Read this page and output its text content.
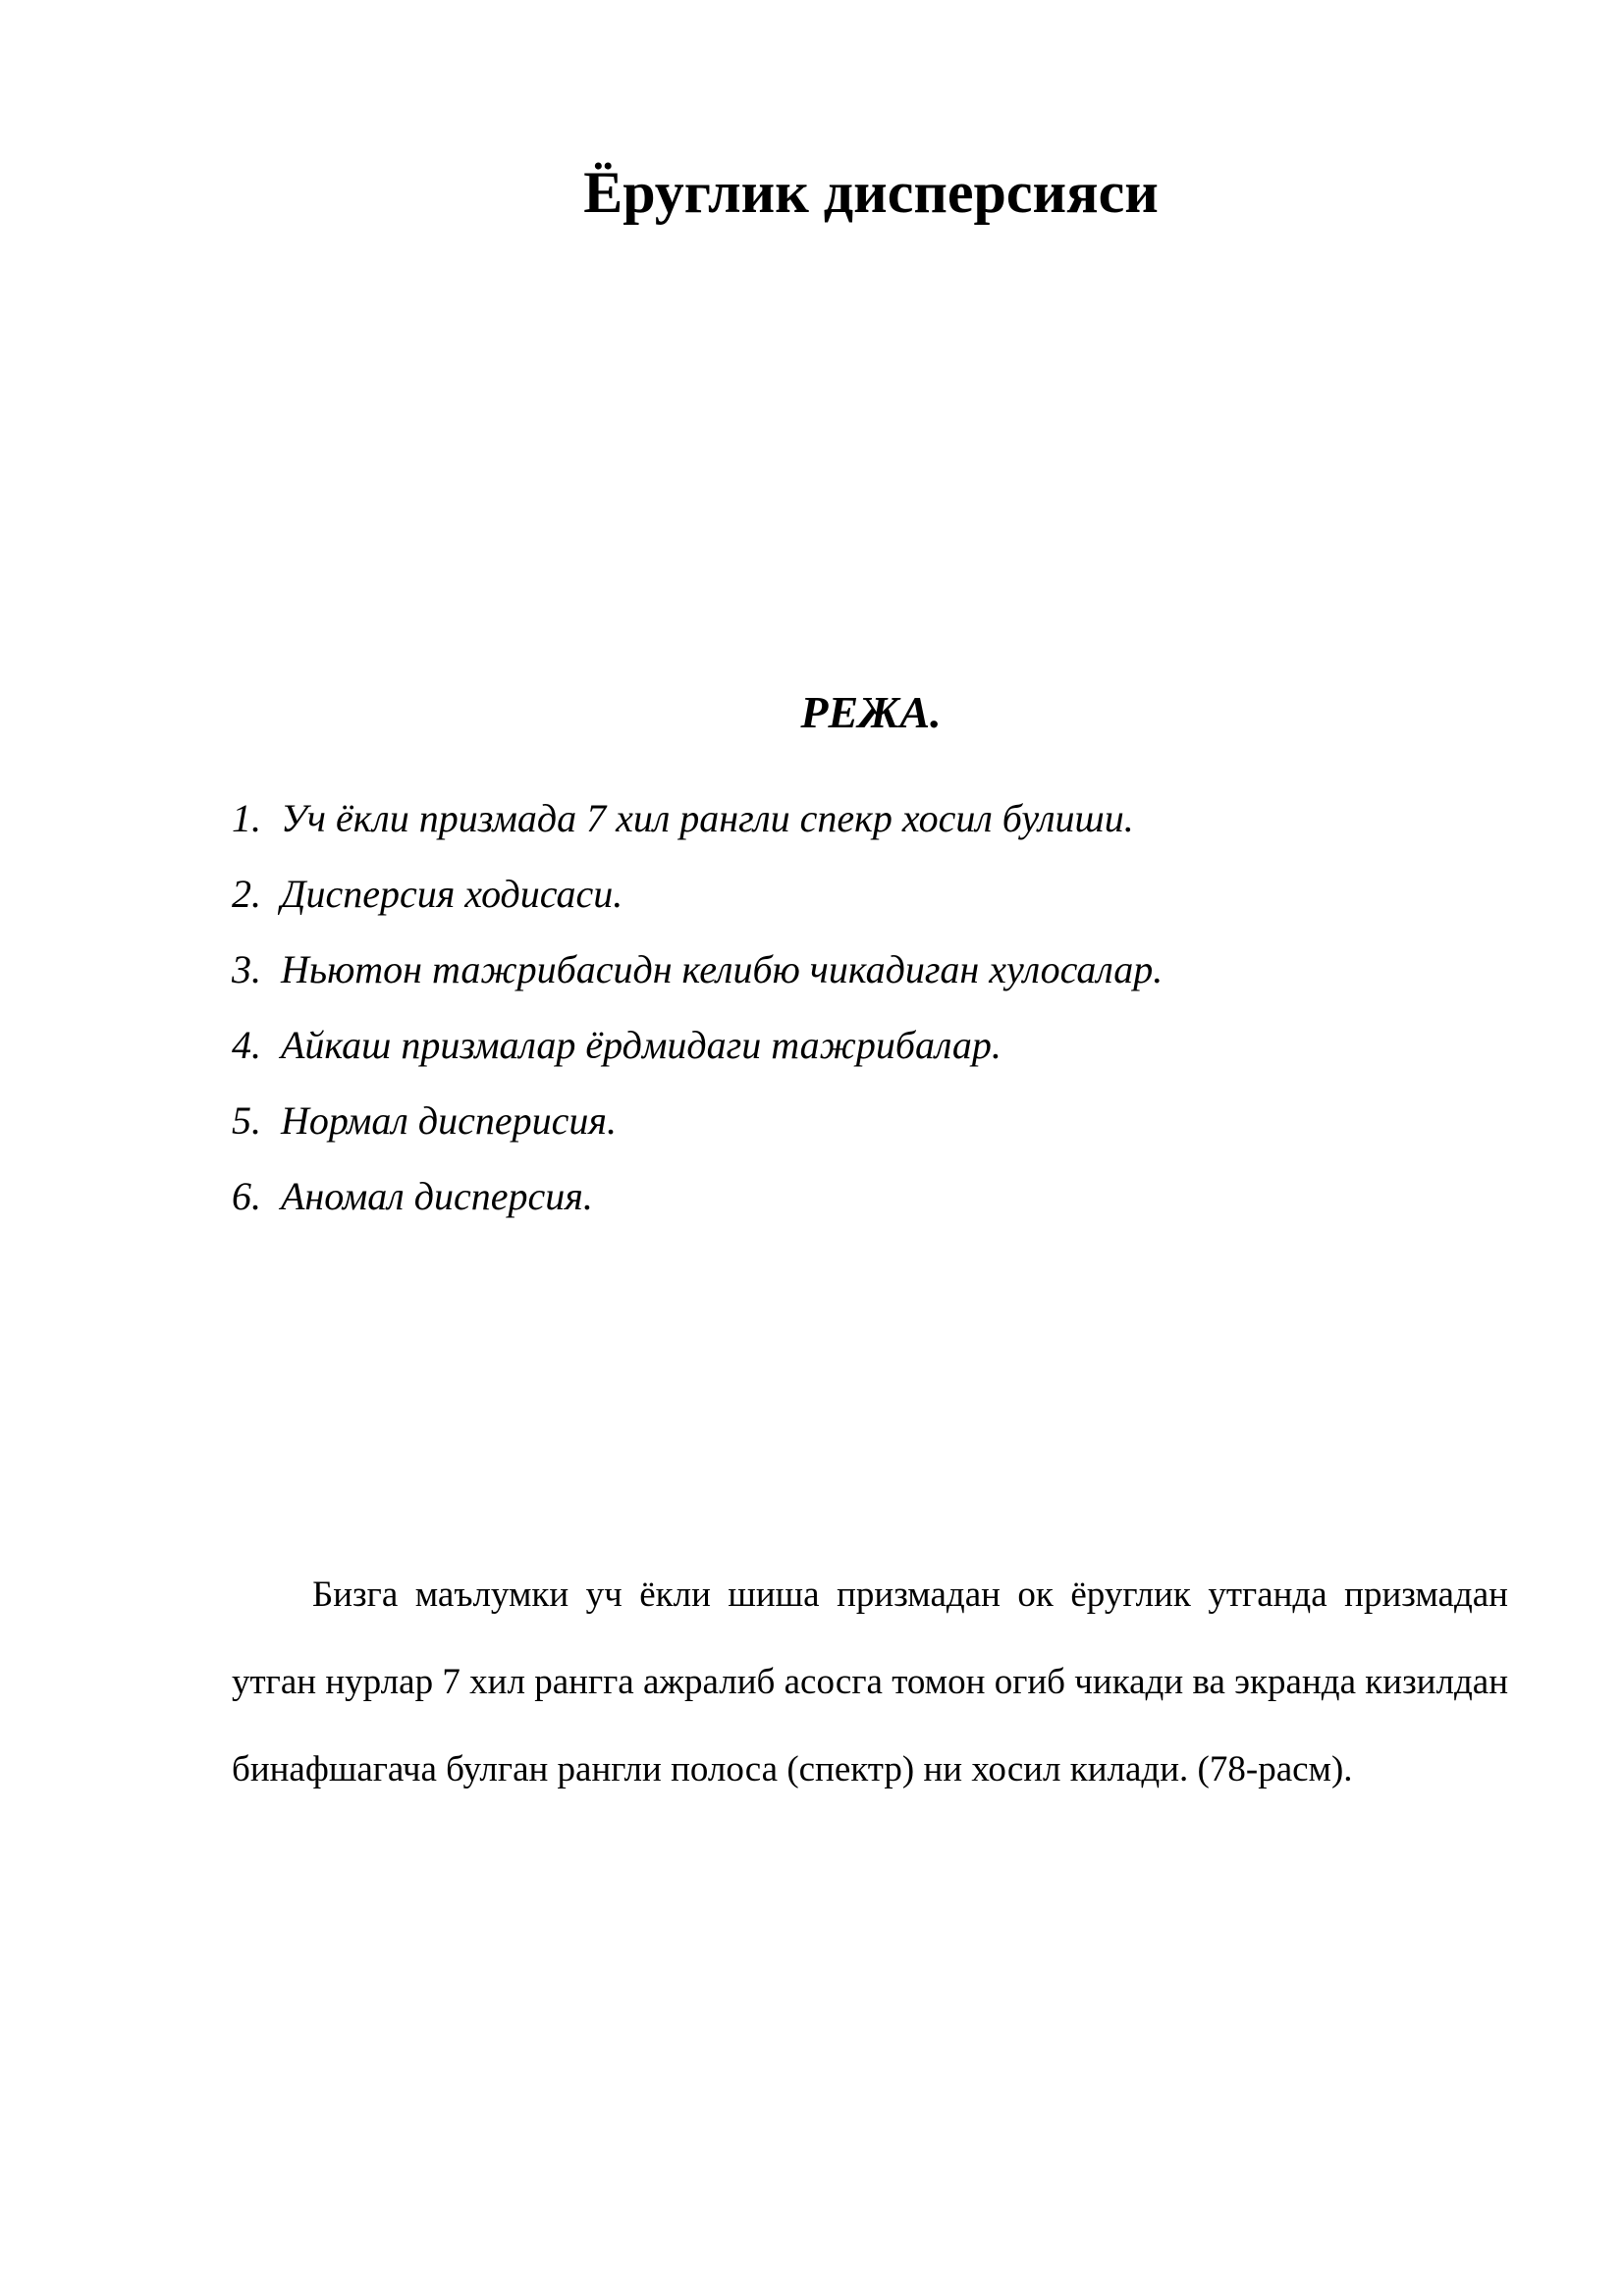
Ёруглик дисперсияси
РЕЖА.
1. Уч ёкли призмада 7 хил рангли спекр хосил булиши.
2. Дисперсия ходисаси.
3. Ньютон тажрибасидн келибю чикадиган хулосалар.
4. Айкаш призмалар ёрдмидаги тажрибалар.
5. Нормал дисперисия.
6. Аномал дисперсия.

Бизга маълумки уч ёкли шиша призмадан ок ёруглик утганда призмадан утган нурлар 7 хил рангга ажралиб асосга томон огиб чикади ва экранда кизилдан бинафшагача булган рангли полоса (спектр) ни хосил килади. (78-расм).
